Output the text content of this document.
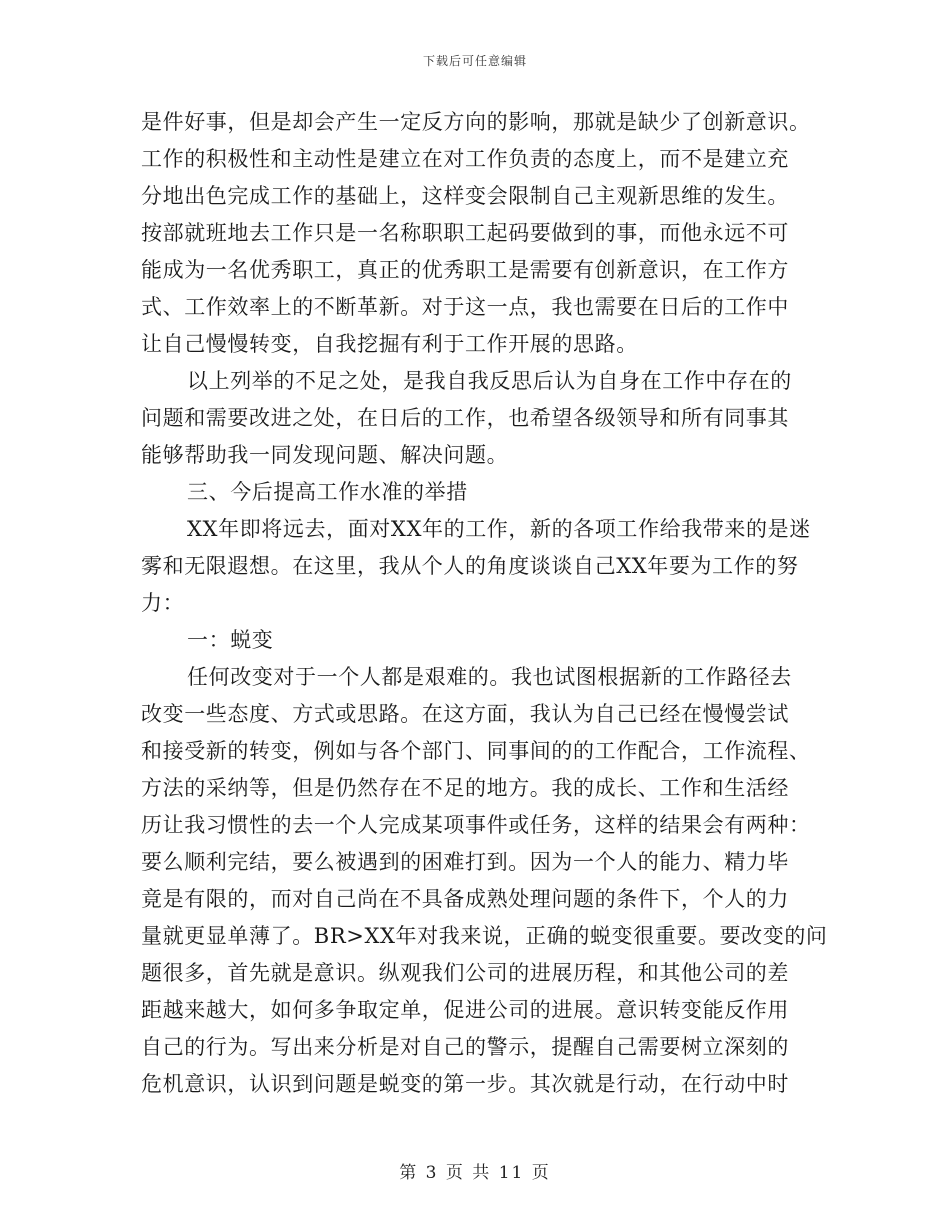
下载后可任意编辑
是件好事，但是却会产生一定反方向的影响，那就是缺少了创新意识。
工作的积极性和主动性是建立在对工作负责的态度上，而不是建立充
分地出色完成工作的基础上，这样变会限制自己主观新思维的发生。
按部就班地去工作只是一名称职职工起码要做到的事，而他永远不可
能成为一名优秀职工，真正的优秀职工是需要有创新意识，在工作方
式、工作效率上的不断革新。对于这一点，我也需要在日后的工作中
让自己慢慢转变，自我挖掘有利于工作开展的思路。
以上列举的不足之处，是我自我反思后认为自身在工作中存在的
问题和需要改进之处，在日后的工作，也希望各级领导和所有同事其
能够帮助我一同发现问题、解决问题。
三、今后提高工作水准的举措
XX年即将远去，面对XX年的工作，新的各项工作给我带来的是迷
雾和无限遐想。在这里，我从个人的角度谈谈自己XX年要为工作的努
力：
一：蜕变
任何改变对于一个人都是艰难的。我也试图根据新的工作路径去
改变一些态度、方式或思路。在这方面，我认为自己已经在慢慢尝试
和接受新的转变，例如与各个部门、同事间的的工作配合，工作流程、
方法的采纳等，但是仍然存在不足的地方。我的成长、工作和生活经
历让我习惯性的去一个人完成某项事件或任务，这样的结果会有两种：
要么顺利完结，要么被遇到的困难打到。因为一个人的能力、精力毕
竟是有限的，而对自己尚在不具备成熟处理问题的条件下，个人的力
量就更显单薄了。BR>XX年对我来说，正确的蜕变很重要。要改变的问
题很多，首先就是意识。纵观我们公司的进展历程，和其他公司的差
距越来越大，如何多争取定单，促进公司的进展。意识转变能反作用
自己的行为。写出来分析是对自己的警示，提醒自己需要树立深刻的
危机意识，认识到问题是蜕变的第一步。其次就是行动，在行动中时
第 3 页 共 11 页
